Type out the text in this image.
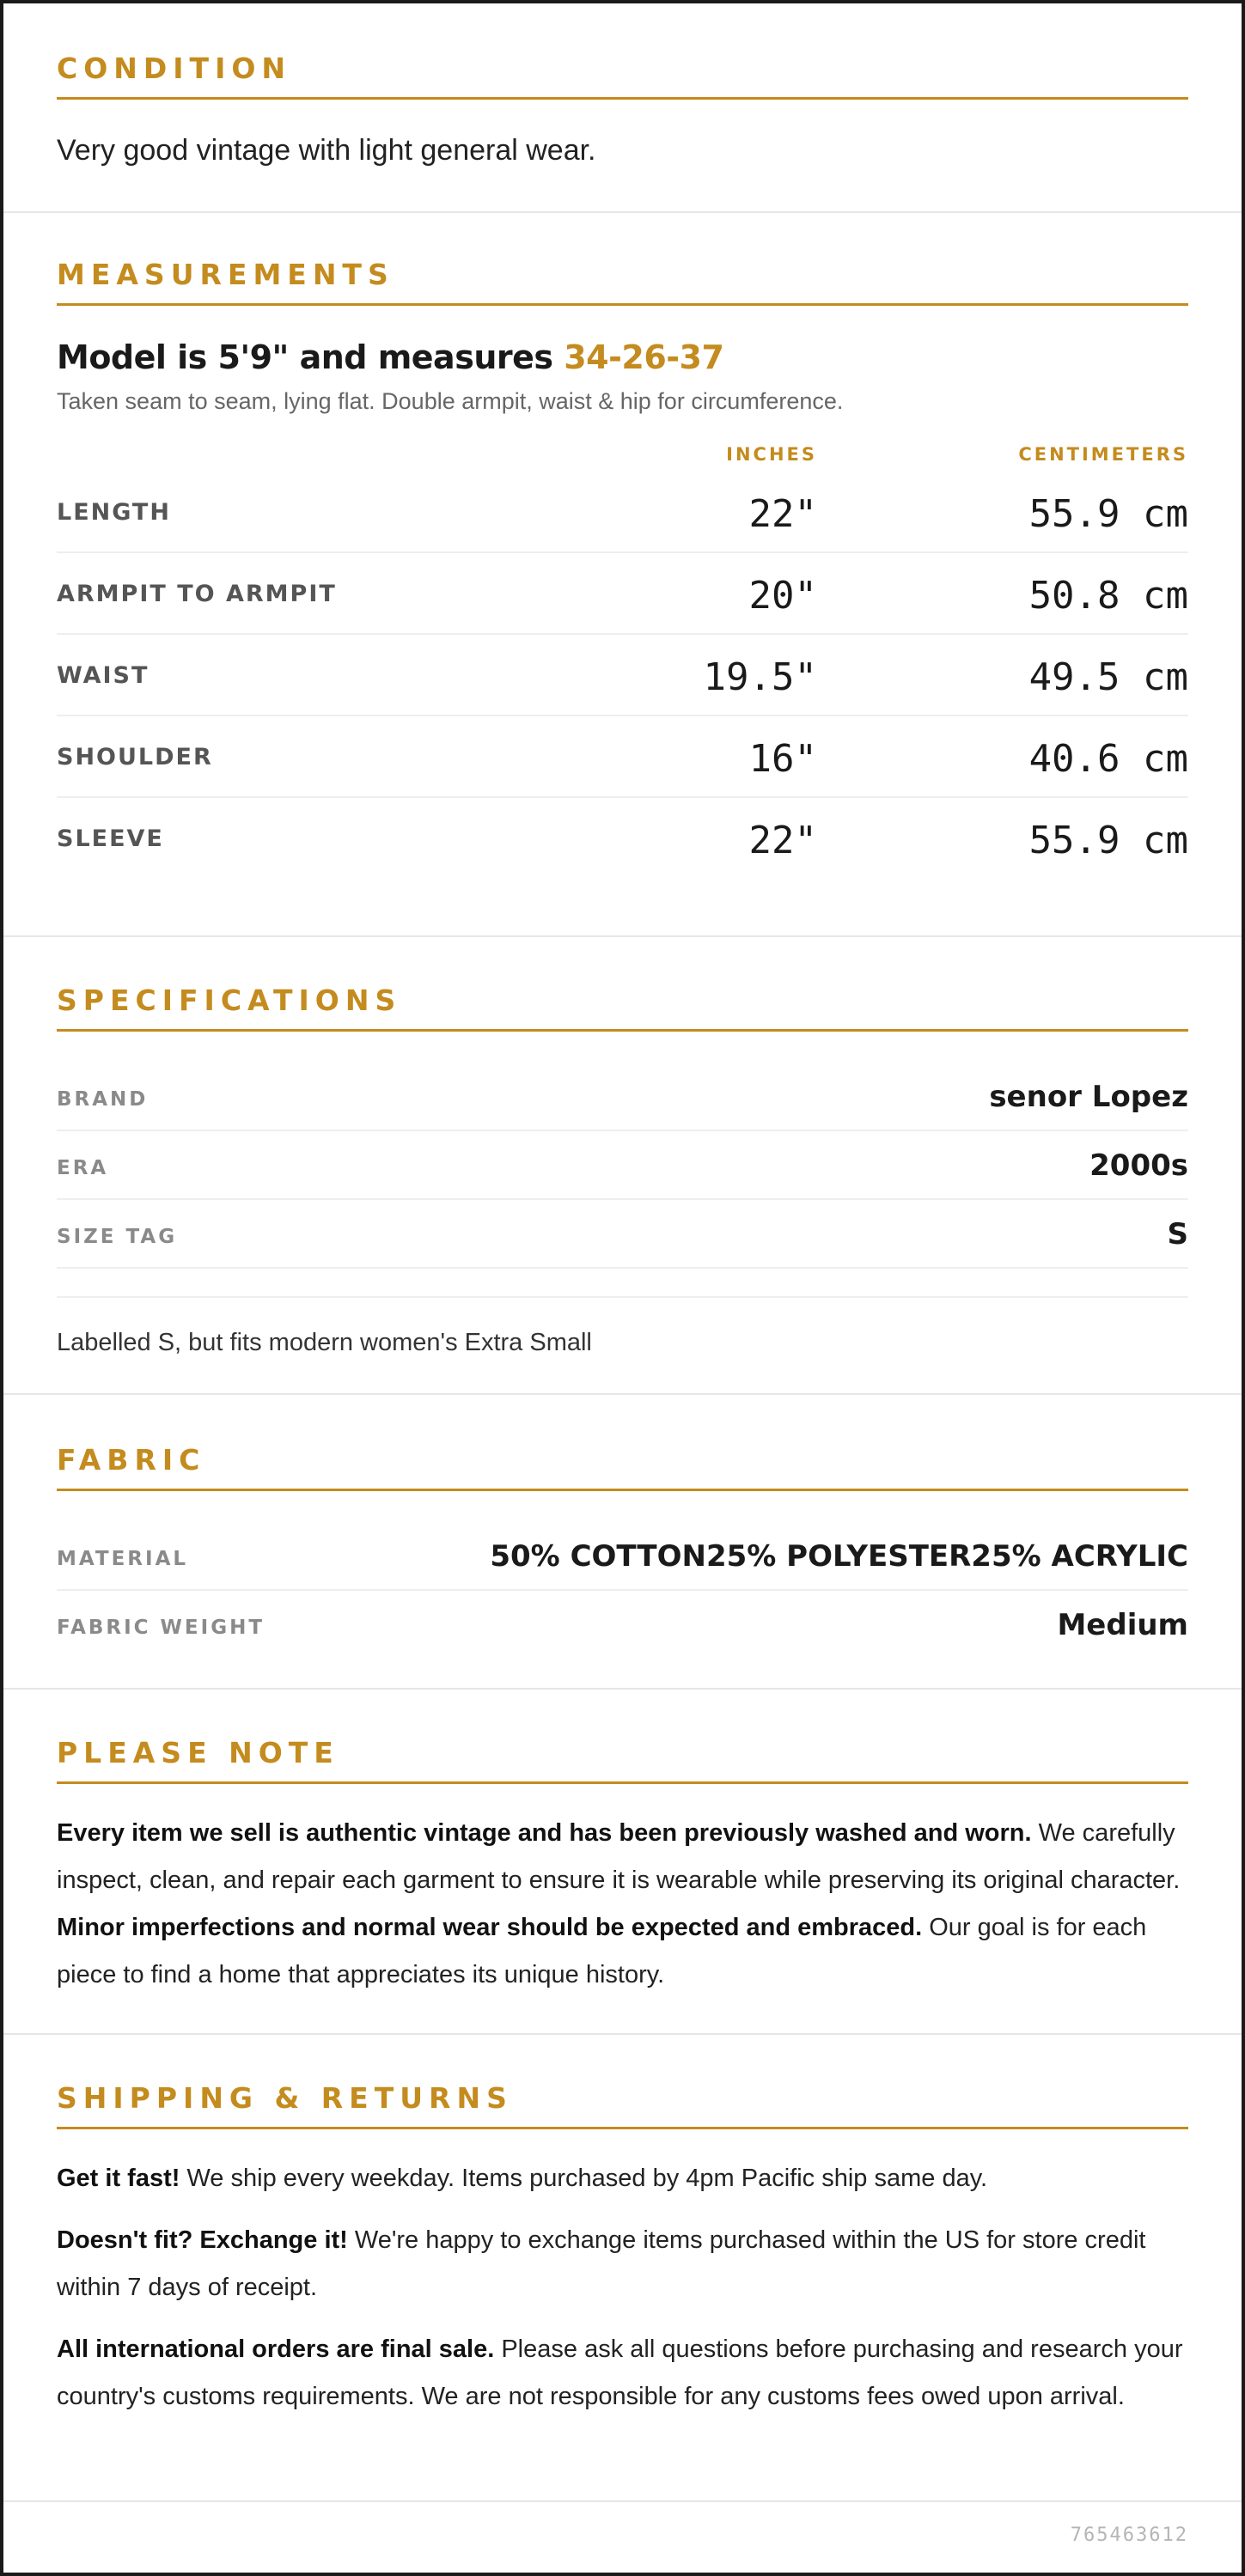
CONDITION

Very good vintage with light general wear.

MEASUREMENTS
Model is 5'9" and measures 34-26-37

Taken seam to seam, lying flat. Double armpit, waist & hip for circumference.

INCHES	CENTIMETERS
LENGTH	22"	55.9 cm
ARMPIT TO ARMPIT	20"	50.8 cm
WAIST	19.5"	49.5 cm
SHOULDER	16"	40.6 cm
SLEEVE	22"	55.9 cm
SPECIFICATIONS
BRAND	senor Lopez
ERA	2000s
SIZE TAG	S

Labelled S, but fits modern women's Extra Small

FABRIC
MATERIAL	50% COTTON25% POLYESTER25% ACRYLIC
FABRIC WEIGHT	Medium
PLEASE NOTE

Every item we sell is authentic vintage and has been previously washed and worn. We carefully inspect, clean, and repair each garment to ensure it is wearable while preserving its original character. Minor imperfections and normal wear should be expected and embraced. Our goal is for each piece to find a home that appreciates its unique history.

SHIPPING & RETURNS

Get it fast! We ship every weekday. Items purchased by 4pm Pacific ship same day.

Doesn't fit? Exchange it! We're happy to exchange items purchased within the US for store credit within 7 days of receipt.

All international orders are final sale. Please ask all questions before purchasing and research your country's customs requirements. We are not responsible for any customs fees owed upon arrival.

765463612
